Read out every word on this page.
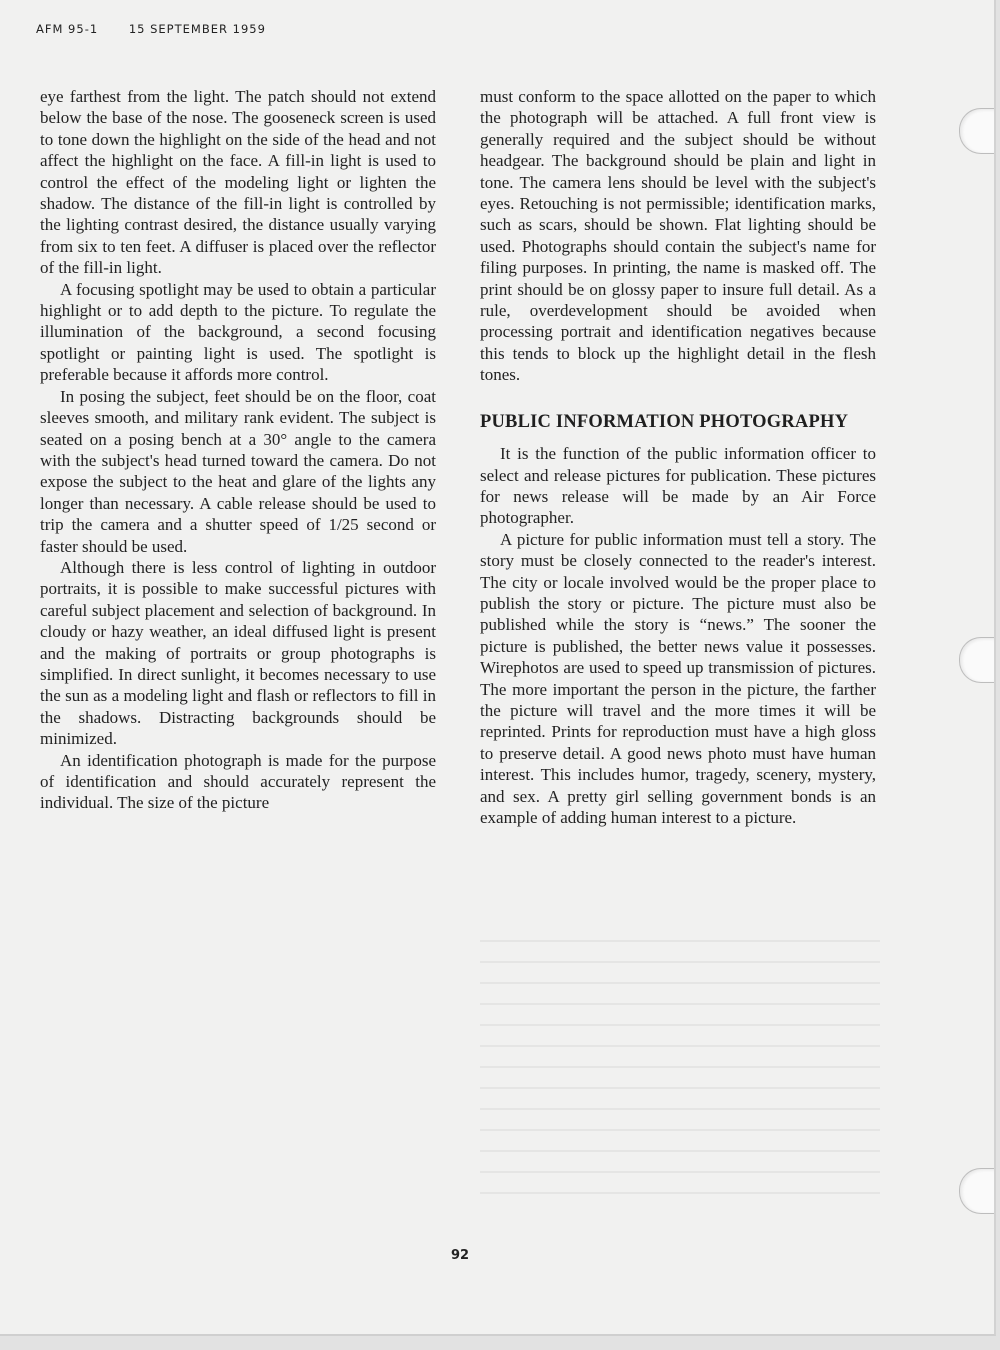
AFM 95-1	15 SEPTEMBER 1959

eye farthest from the light. The patch should not extend below the base of the nose. The gooseneck screen is used to tone down the highlight on the side of the head and not affect the highlight on the face. A fill-in light is used to control the effect of the modeling light or lighten the shadow. The distance of the fill-in light is controlled by the lighting contrast desired, the distance usually varying from six to ten feet. A diffuser is placed over the reflector of the fill-in light.

A focusing spotlight may be used to obtain a particular highlight or to add depth to the picture. To regulate the illumination of the background, a second focusing spotlight or painting light is used. The spotlight is preferable because it affords more control.

In posing the subject, feet should be on the floor, coat sleeves smooth, and military rank evident. The subject is seated on a posing bench at a 30° angle to the camera with the subject's head turned toward the camera. Do not expose the subject to the heat and glare of the lights any longer than necessary. A cable release should be used to trip the camera and a shutter speed of 1/25 second or faster should be used.

Although there is less control of lighting in outdoor portraits, it is possible to make successful pictures with careful subject placement and selection of background. In cloudy or hazy weather, an ideal diffused light is present and the making of portraits or group photographs is simplified. In direct sunlight, it becomes necessary to use the sun as a modeling light and flash or reflectors to fill in the shadows. Distracting backgrounds should be minimized.

An identification photograph is made for the purpose of identification and should accurately represent the individual. The size of the picture

must conform to the space allotted on the paper to which the photograph will be attached. A full front view is generally required and the subject should be without headgear. The background should be plain and light in tone. The camera lens should be level with the subject's eyes. Retouching is not permissible; identification marks, such as scars, should be shown. Flat lighting should be used. Photographs should contain the subject's name for filing purposes. In printing, the name is masked off. The print should be on glossy paper to insure full detail. As a rule, overdevelopment should be avoided when processing portrait and identification negatives because this tends to block up the highlight detail in the flesh tones.

PUBLIC INFORMATION PHOTOGRAPHY

It is the function of the public information officer to select and release pictures for publication. These pictures for news release will be made by an Air Force photographer.

A picture for public information must tell a story. The story must be closely connected to the reader's interest. The city or locale involved would be the proper place to publish the story or picture. The picture must also be published while the story is “news.” The sooner the picture is published, the better news value it possesses. Wirephotos are used to speed up transmission of pictures. The more important the person in the picture, the farther the picture will travel and the more times it will be reprinted. Prints for reproduction must have a high gloss to preserve detail. A good news photo must have human interest. This includes humor, tragedy, scenery, mystery, and sex. A pretty girl selling government bonds is an example of adding human interest to a picture.

92
